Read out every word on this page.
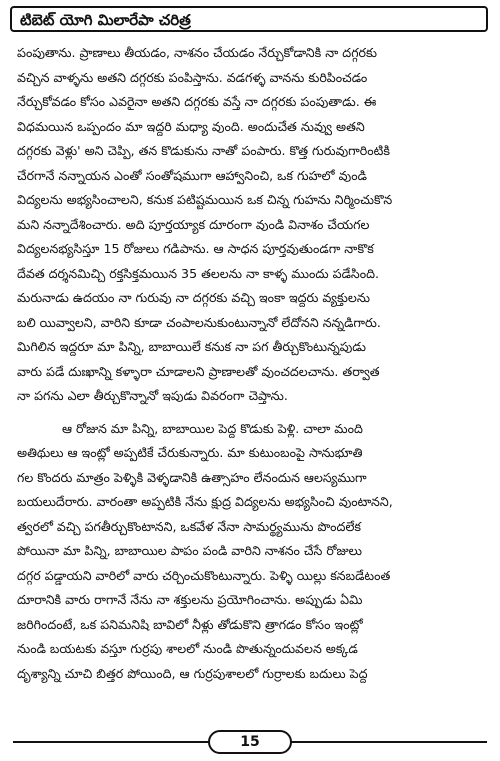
టిబెట్ యోగి మిలారేపా చరిత్ర

పంపుతాను. ప్రాణాలు తీయడం, నాశనం చేయడం నేర్చుకోడానికి నా దగ్గరకు

వచ్చిన వాళ్ళను అతని దగ్గరకు పంపిస్తాను. వడగళ్ళ వానను కురిపించడం

నేర్చుకోవడం కోసం ఎవరైనా అతని దగ్గరకు వస్తే నా దగ్గరకు పంపుతాడు. ఈ

విధమయిన ఒప్పందం మా ఇద్దరి మధ్యా వుంది. అందుచేత నువ్వు అతని

దగ్గరకు వెళ్లు' అని చెప్పి, తన కొడుకును నాతో పంపారు. కొత్త గురువుగారింటికి

చేరగానే నన్నాయన ఎంతో సంతోషముగా ఆహ్వానించి, ఒక గుహలో వుండి

విద్యలను అభ్యసించాలని, కనుక పటిష్టమయిన ఒక చిన్న గుహను నిర్మించుకొన

మని నన్నాదేశించారు. అది పూర్తయ్యాక దూరంగా వుండి వినాశం చేయగల

విద్యలనభ్యసిస్తూ 15 రోజులు గడిపాను. ఆ సాధన పూర్తవుతుండగా నాకొక

దేవత దర్శనమిచ్చి రక్తసిక్తమయిన 35 తలలను నా కాళ్ళ ముందు పడేసింది.

మరునాడు ఉదయం నా గురువు నా దగ్గరకు వచ్చి ఇంకా ఇద్దరు వ్యక్తులను

బలి యివ్వాలని, వారిని కూడా చంపాలనుకుంటున్నానో లేదోనని నన్నడిగారు.

మిగిలిన ఇద్దరూ మా పిన్ని, బాబాయిలే కనుక నా పగ తీర్చుకొంటున్నపుడు

వారు పడే దుఃఖాన్ని కళ్ళారా చూడాలని ప్రాణాలతో వుంచదలచాను. తర్వాత

నా పగను ఎలా తీర్చుకొన్నానో ఇపుడు వివరంగా చెప్తాను.

ఆ రోజున మా పిన్ని, బాబాయిల పెద్ద కొడుకు పెళ్లి. చాలా మంది

అతిథులు ఆ ఇంట్లో అప్పటికే చేరుకున్నారు. మా కుటుంబంపై సానుభూతి

గల కొందరు మాత్రం పెళ్ళికి వెళ్ళడానికి ఉత్సాహం లేనందున ఆలస్యముగా

బయలుదేరారు. వారంతా అప్పటికి నేను క్షుద్ర విద్యలను అభ్యసించి వుంటానని,

త్వరలో వచ్చి పగతీర్చుకొంటానని, ఒకవేళ నేనా సామర్థ్యమును పొందలేక

పోయినా మా పిన్ని, బాబాయిల పాపం పండి వారిని నాశనం చేసే రోజులు

దగ్గర పడ్డాయని వారిలో వారు చర్చించుకొంటున్నారు. పెళ్ళి యిల్లు కనబడేటంత

దూరానికి వారు రాగానే నేను నా శక్తులను ప్రయోగించాను. అప్పుడు ఏమి

జరిగిందంటే, ఒక పనిమనిషి బావిలో నీళ్లు తోడుకొని త్రాగడం కోసం ఇంట్లో

నుండి బయటకు వస్తూ గుర్రపు శాలలో నుండి పొతున్నందువలన అక్కడ

దృశ్యాన్ని చూచి బిత్తర పోయింది, ఆ గుర్రపుశాలలో గుర్రాలకు బదులు పెద్ద

15
